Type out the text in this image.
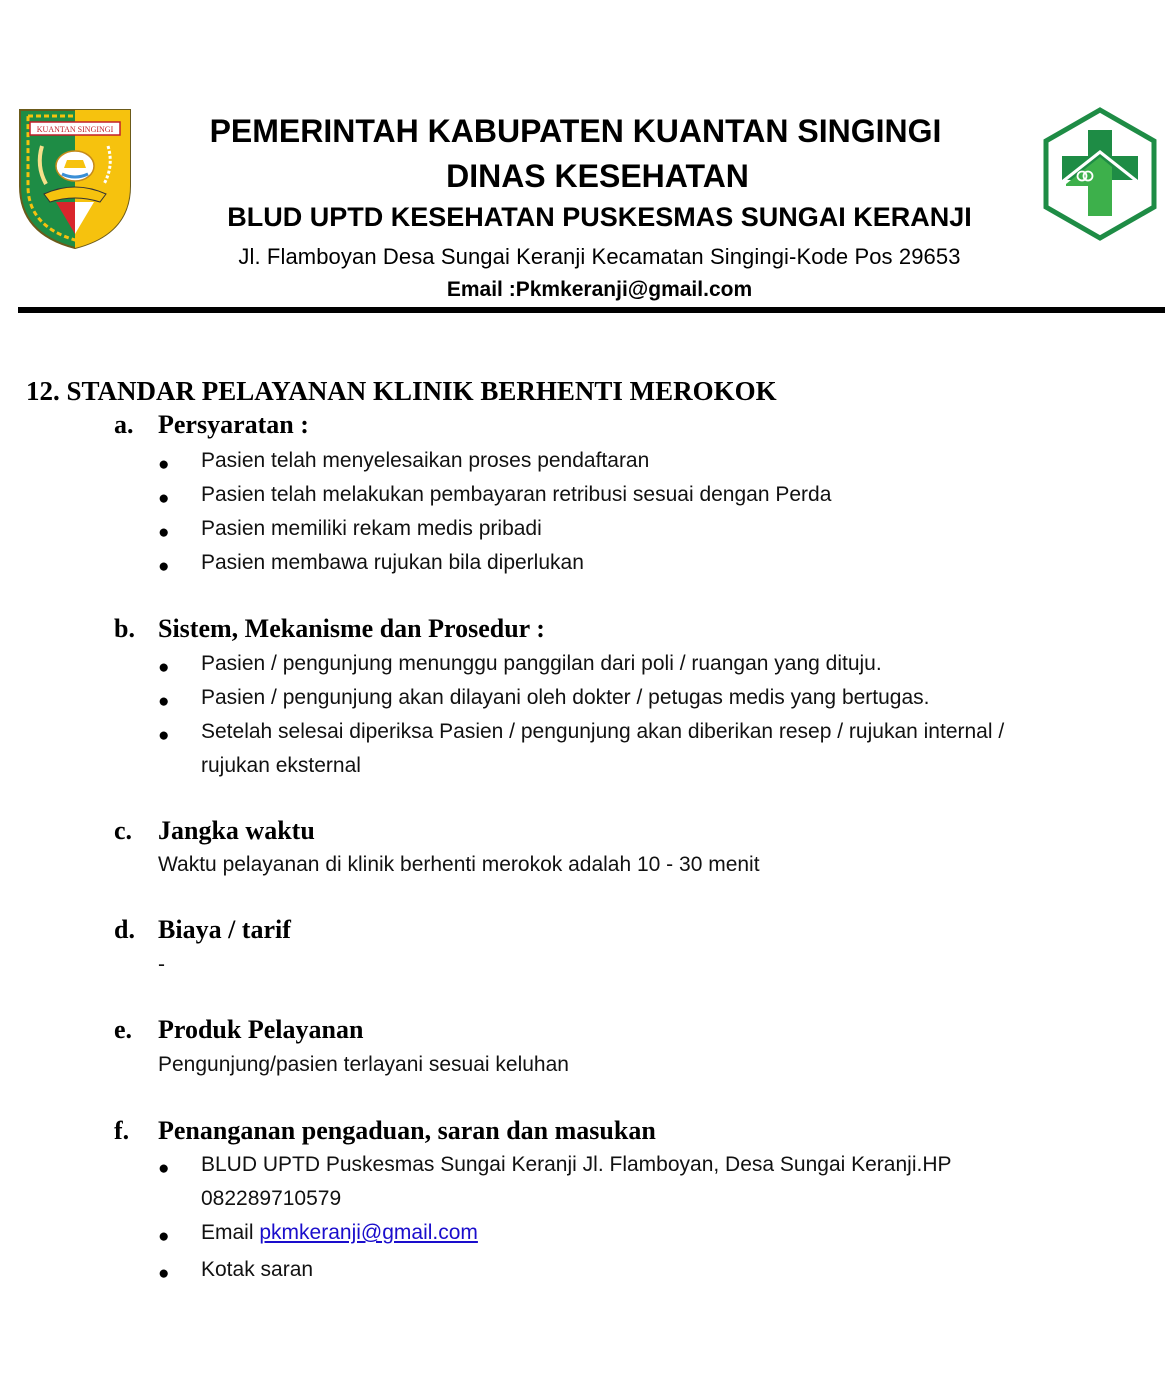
KUANTAN SINGINGI	PEMERINTAH KABUPATEN KUANTAN SINGINGI
DINAS KESEHATAN
BLUD UPTD KESEHATAN PUSKESMAS SUNGAI KERANJI
Jl. Flamboyan Desa Sungai Keranji Kecamatan Singingi-Kode Pos 29653
Email :Pkmkeranji@gmail.com
12. STANDAR PELAYANAN KLINIK BERHENTI MEROKOK
a. Persyaratan :
● Pasien telah menyelesaikan proses pendaftaran
● Pasien telah melakukan pembayaran retribusi sesuai dengan Perda
● Pasien memiliki rekam medis pribadi
● Pasien membawa rujukan bila diperlukan
b. Sistem, Mekanisme dan Prosedur :
● Pasien / pengunjung menunggu panggilan dari poli / ruangan yang dituju.
● Pasien / pengunjung akan dilayani oleh dokter / petugas medis yang bertugas.
● Setelah selesai diperiksa Pasien / pengunjung akan diberikan resep / rujukan internal /
rujukan eksternal
c. Jangka waktu
Waktu pelayanan di klinik berhenti merokok adalah 10 - 30 menit
d. Biaya / tarif
-
e. Produk Pelayanan
Pengunjung/pasien terlayani sesuai keluhan
f. Penanganan pengaduan, saran dan masukan
● BLUD UPTD Puskesmas Sungai Keranji Jl. Flamboyan, Desa Sungai Keranji.HP
082289710579
● Email pkmkeranji@gmail.com
● Kotak saran
